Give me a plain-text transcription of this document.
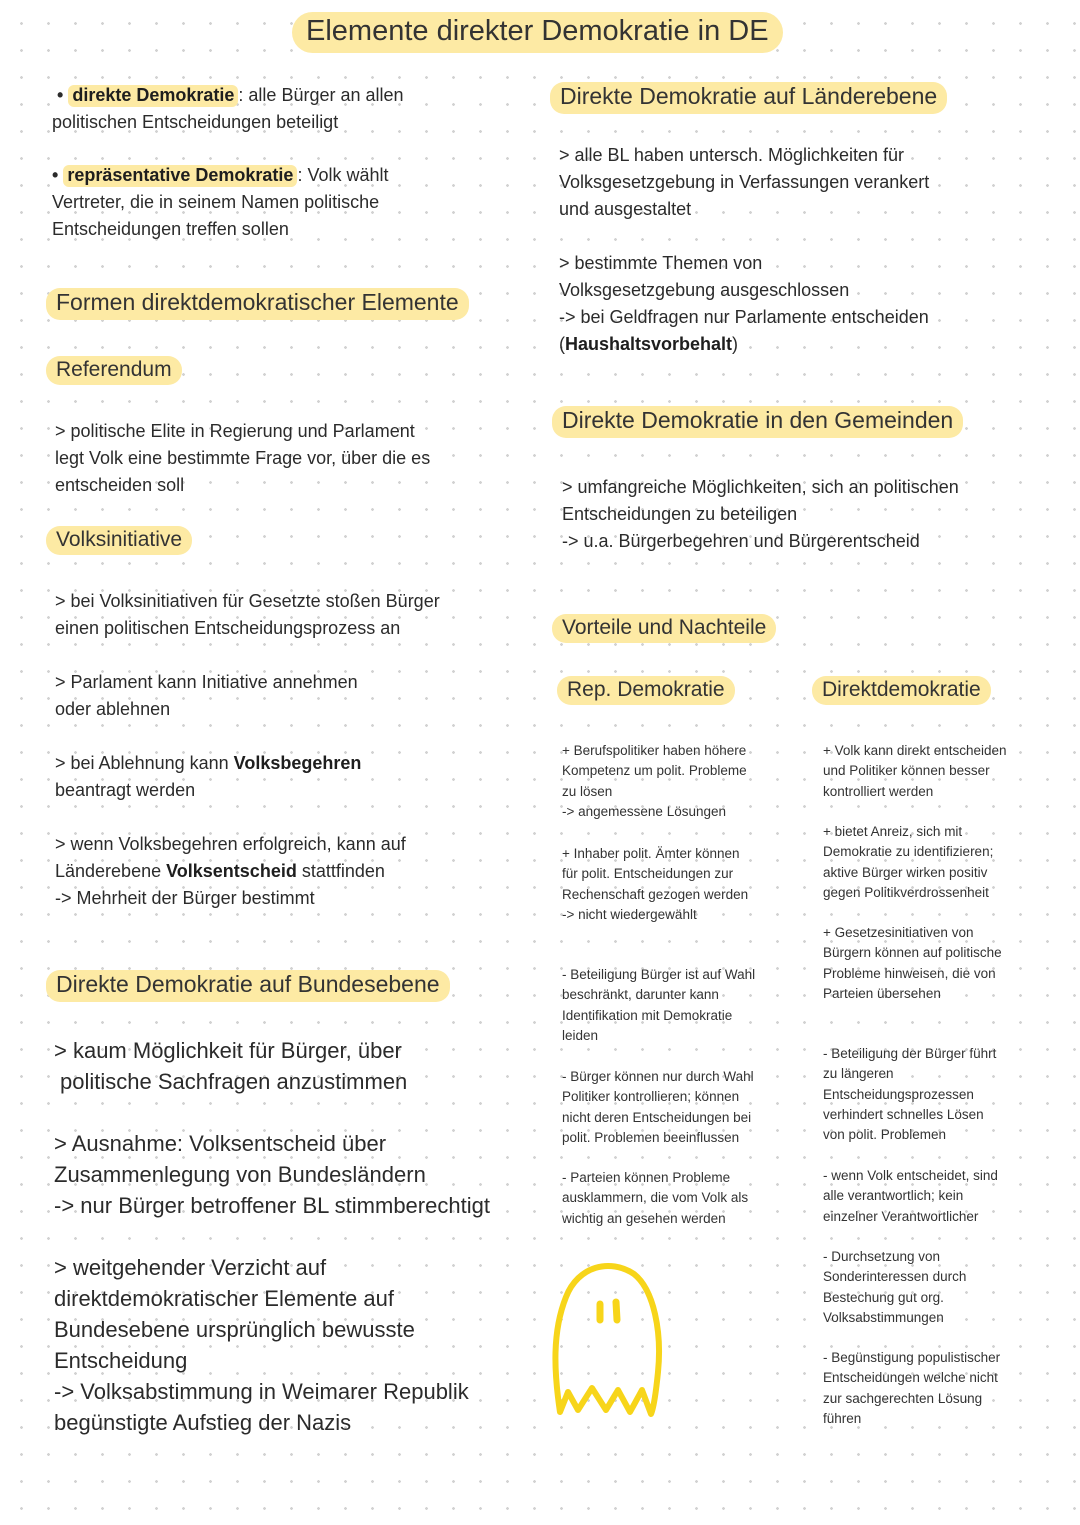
Elemente direkter Demokratie in DE
• direkte Demokratie : alle Bürger an allen
politischen Entscheidungen beteiligt
• repräsentative Demokratie : Volk wählt
Vertreter, die in seinem Namen politische
Entscheidungen treffen sollen
Formen direktdemokratischer Elemente
Referendum
> politische Elite in Regierung und Parlament
legt Volk eine bestimmte Frage vor, über die es
entscheiden soll
Volksinitiative
> bei Volksinitiativen für Gesetzte stoßen Bürger
einen politischen Entscheidungsprozess an
> Parlament kann Initiative annehmen
oder ablehnen
> bei Ablehnung kann Volksbegehren
beantragt werden
> wenn Volksbegehren erfolgreich, kann auf
Länderebene Volksentscheid stattfinden
-> Mehrheit der Bürger bestimmt
Direkte Demokratie auf Bundesebene
> kaum Möglichkeit für Bürger, über
politische Sachfragen anzustimmen
> Ausnahme: Volksentscheid über
Zusammenlegung von Bundesländern
-> nur Bürger betroffener BL stimmberechtigt
> weitgehender Verzicht auf
direktdemokratischer Elemente auf
Bundesebene ursprünglich bewusste
Entscheidung
-> Volksabstimmung in Weimarer Republik
begünstigte Aufstieg der Nazis
Direkte Demokratie auf Länderebene
> alle BL haben untersch. Möglichkeiten für
Volksgesetzgebung in Verfassungen verankert
und ausgestaltet
> bestimmte Themen von
Volksgesetzgebung ausgeschlossen
-> bei Geldfragen nur Parlamente entscheiden
(Haushaltsvorbehalt)
Direkte Demokratie in den Gemeinden
> umfangreiche Möglichkeiten, sich an politischen
Entscheidungen zu beteiligen
-> u.a. Bürgerbegehren und Bürgerentscheid
Vorteile und Nachteile
Rep. Demokratie	Direktdemokratie
+ Berufspolitiker haben höhere
Kompetenz um polit. Probleme
zu lösen
-> angemessene Lösungen
+ Inhaber polit. Ämter können
für polit. Entscheidungen zur
Rechenschaft gezogen werden
-> nicht wiedergewählt
- Beteiligung Bürger ist auf Wahl
beschränkt, darunter kann
Identifikation mit Demokratie
leiden
- Bürger können nur durch Wahl
Politiker kontrollieren; können
nicht deren Entscheidungen bei
polit. Problemen beeinflussen
- Parteien können Probleme
ausklammern, die vom Volk als
wichtig an gesehen werden
+ Volk kann direkt entscheiden
und Politiker können besser
kontrolliert werden
+ bietet Anreiz, sich mit
Demokratie zu identifizieren;
aktive Bürger wirken positiv
gegen Politikverdrossenheit
+ Gesetzesinitiativen von
Bürgern können auf politische
Probleme hinweisen, die von
Parteien übersehen
- Beteiligung der Bürger führt
zu längeren
Entscheidungsprozessen
verhindert schnelles Lösen
von polit. Problemen
- wenn Volk entscheidet, sind
alle verantwortlich; kein
einzelner Verantwortlicher
- Durchsetzung von
Sonderinteressen durch
Bestechung gut org.
Volksabstimmungen
- Begünstigung populistischer
Entscheidungen welche nicht
zur sachgerechten Lösung
führen
